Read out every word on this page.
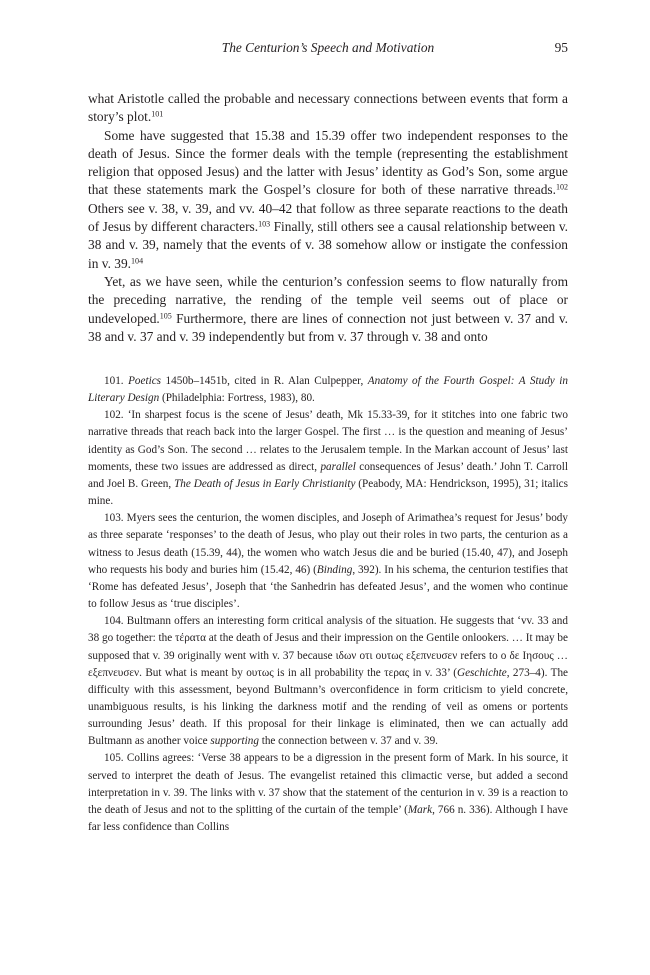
The Centurion’s Speech and Motivation	95

what Aristotle called the probable and necessary connections between events that form a story’s plot.$^{101}$

Some have suggested that 15.38 and 15.39 offer two independent responses to the death of Jesus. Since the former deals with the temple (representing the establishment religion that opposed Jesus) and the latter with Jesus’ identity as God’s Son, some argue that these statements mark the Gospel’s closure for both of these narrative threads.$^{102}$ Others see v. 38, v. 39, and vv. 40–42 that follow as three separate reactions to the death of Jesus by different characters.$^{103}$ Finally, still others see a causal relationship between v. 38 and v. 39, namely that the events of v. 38 somehow allow or instigate the confession in v. 39.$^{104}$

Yet, as we have seen, while the centurion’s confession seems to flow naturally from the preceding narrative, the rending of the temple veil seems out of place or undeveloped.$^{105}$ Furthermore, there are lines of connection not just between v. 37 and v. 38 and v. 37 and v. 39 independently but from v. 37 through v. 38 and onto

101. Poetics 1450b–1451b, cited in R. Alan Culpepper, Anatomy of the Fourth Gospel: A Study in Literary Design (Philadelphia: Fortress, 1983), 80.

102. ‘In sharpest focus is the scene of Jesus’ death, Mk 15.33-39, for it stitches into one fabric two narrative threads that reach back into the larger Gospel. The first … is the question and meaning of Jesus’ identity as God’s Son. The second … relates to the Jerusalem temple. In the Markan account of Jesus’ last moments, these two issues are addressed as direct, parallel consequences of Jesus’ death.’ John T. Carroll and Joel B. Green, The Death of Jesus in Early Christianity (Peabody, MA: Hendrickson, 1995), 31; italics mine.

103. Myers sees the centurion, the women disciples, and Joseph of Arimathea’s request for Jesus’ body as three separate ‘responses’ to the death of Jesus, who play out their roles in two parts, the centurion as a witness to Jesus death (15.39, 44), the women who watch Jesus die and be buried (15.40, 47), and Joseph who requests his body and buries him (15.42, 46) (Binding, 392). In his schema, the centurion testifies that ‘Rome has defeated Jesus’, Joseph that ‘the Sanhedrin has defeated Jesus’, and the women who continue to follow Jesus as ‘true disciples’.

104. Bultmann offers an interesting form critical analysis of the situation. He suggests that ‘vv. 33 and 38 go together: the τέρατα at the death of Jesus and their impression on the Gentile onlookers. … It may be supposed that v. 39 originally went with v. 37 because ιδων οτι ουτως εξεπνευσεν refers to ο δε Ιησους … εξεπνευσεν. But what is meant by ουτως is in all probability the τερας in v. 33’ (Geschichte, 273–4). The difficulty with this assessment, beyond Bultmann’s overconfidence in form criticism to yield concrete, unambiguous results, is his linking the darkness motif and the rending of veil as omens or portents surrounding Jesus’ death. If this proposal for their linkage is eliminated, then we can actually add Bultmann as another voice supporting the connection between v. 37 and v. 39.

105. Collins agrees: ‘Verse 38 appears to be a digression in the present form of Mark. In his source, it served to interpret the death of Jesus. The evangelist retained this climactic verse, but added a second interpretation in v. 39. The links with v. 37 show that the statement of the centurion in v. 39 is a reaction to the death of Jesus and not to the splitting of the curtain of the temple’ (Mark, 766 n. 336). Although I have far less confidence than Collins
